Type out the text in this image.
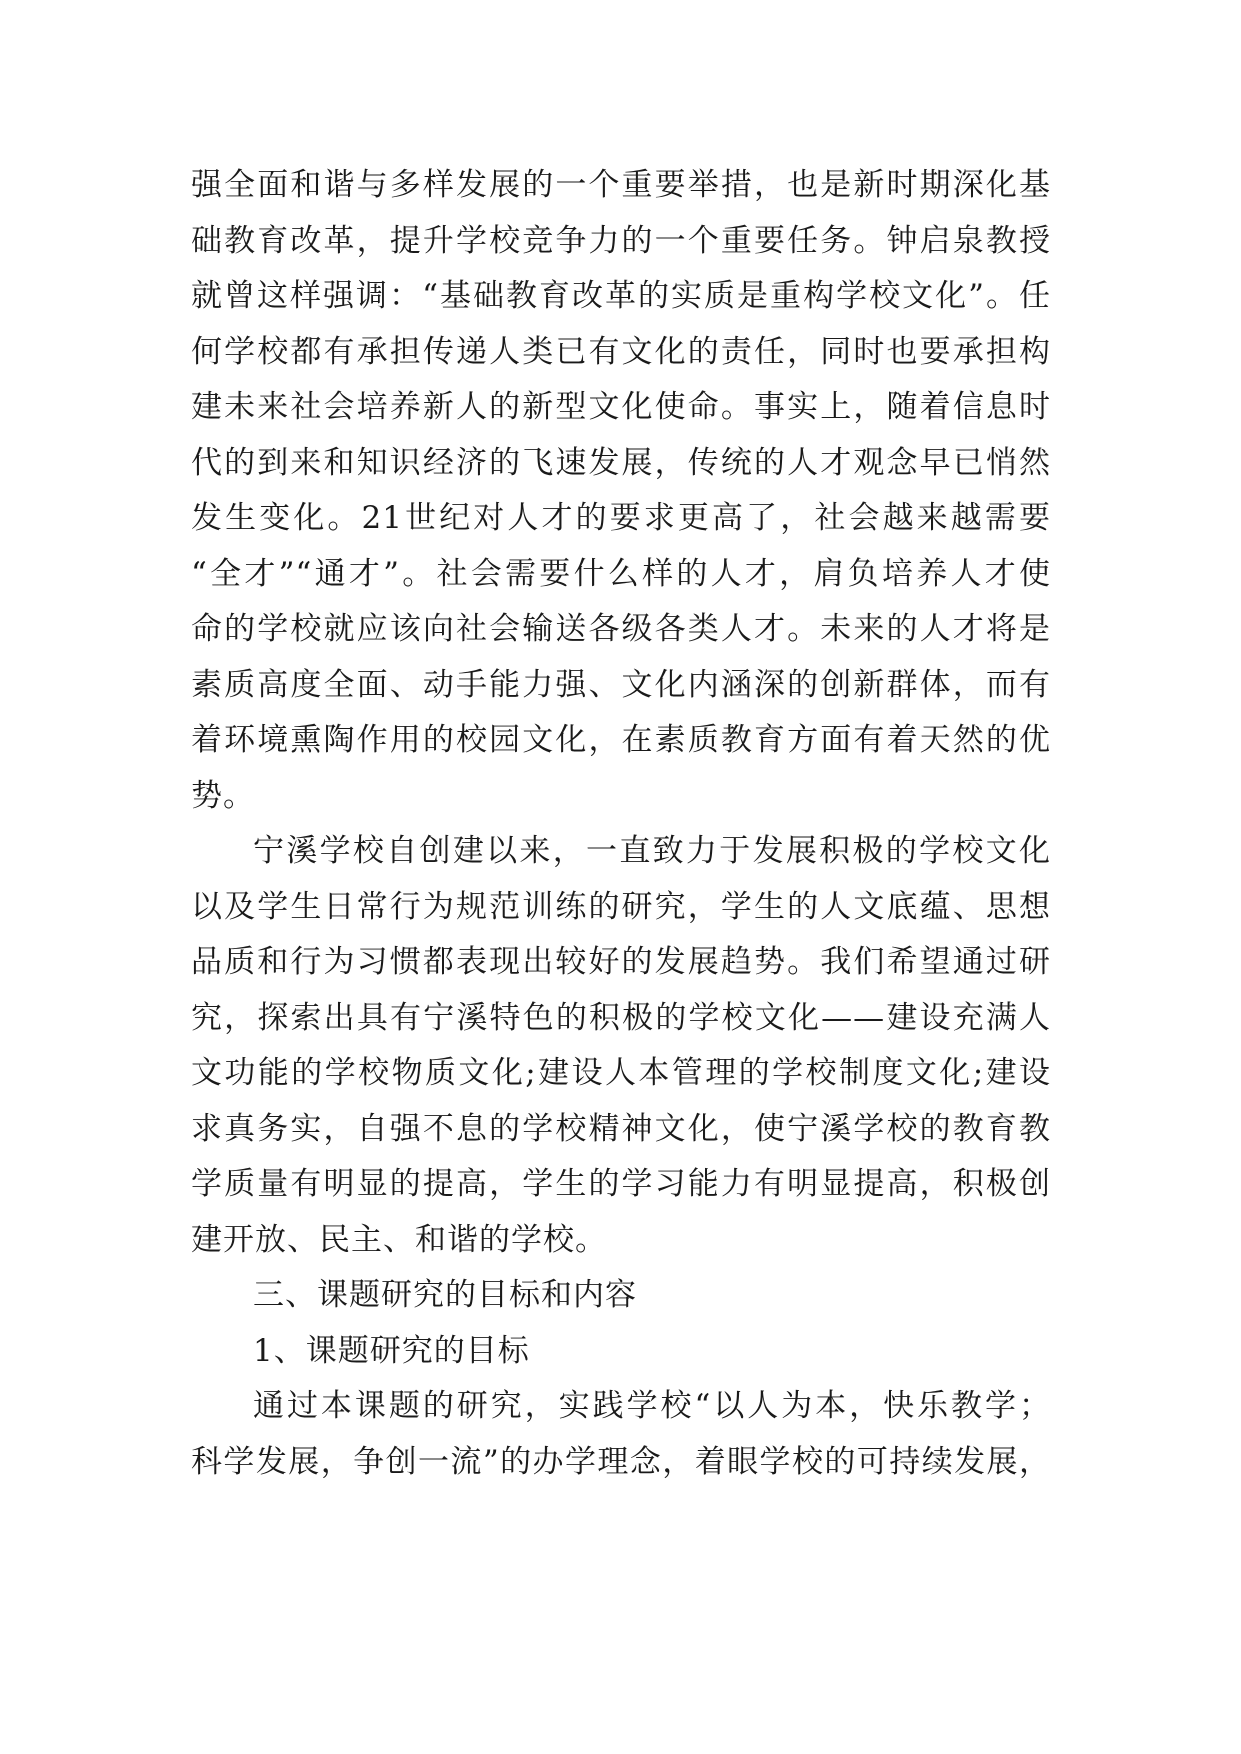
强全面和谐与多样发展的一个重要举措，也是新时期深化基
础教育改革，提升学校竞争力的一个重要任务。钟启泉教授
就曾这样强调：“基础教育改革的实质是重构学校文化”。任
何学校都有承担传递人类已有文化的责任，同时也要承担构
建未来社会培养新人的新型文化使命。事实上，随着信息时
代的到来和知识经济的飞速发展，传统的人才观念早已悄然
发生变化。21世纪对人才的要求更高了，社会越来越需要
“全才”“通才”。社会需要什么样的人才，肩负培养人才使
命的学校就应该向社会输送各级各类人才。未来的人才将是
素质高度全面、动手能力强、文化内涵深的创新群体，而有
着环境熏陶作用的校园文化，在素质教育方面有着天然的优
势。
宁溪学校自创建以来，一直致力于发展积极的学校文化
以及学生日常行为规范训练的研究，学生的人文底蕴、思想
品质和行为习惯都表现出较好的发展趋势。我们希望通过研
究，探索出具有宁溪特色的积极的学校文化——建设充满人
文功能的学校物质文化;建设人本管理的学校制度文化;建设
求真务实，自强不息的学校精神文化，使宁溪学校的教育教
学质量有明显的提高，学生的学习能力有明显提高，积极创
建开放、民主、和谐的学校。
三、课题研究的目标和内容
1、课题研究的目标
通过本课题的研究，实践学校“以人为本，快乐教学；
科学发展，争创一流”的办学理念，着眼学校的可持续发展，
